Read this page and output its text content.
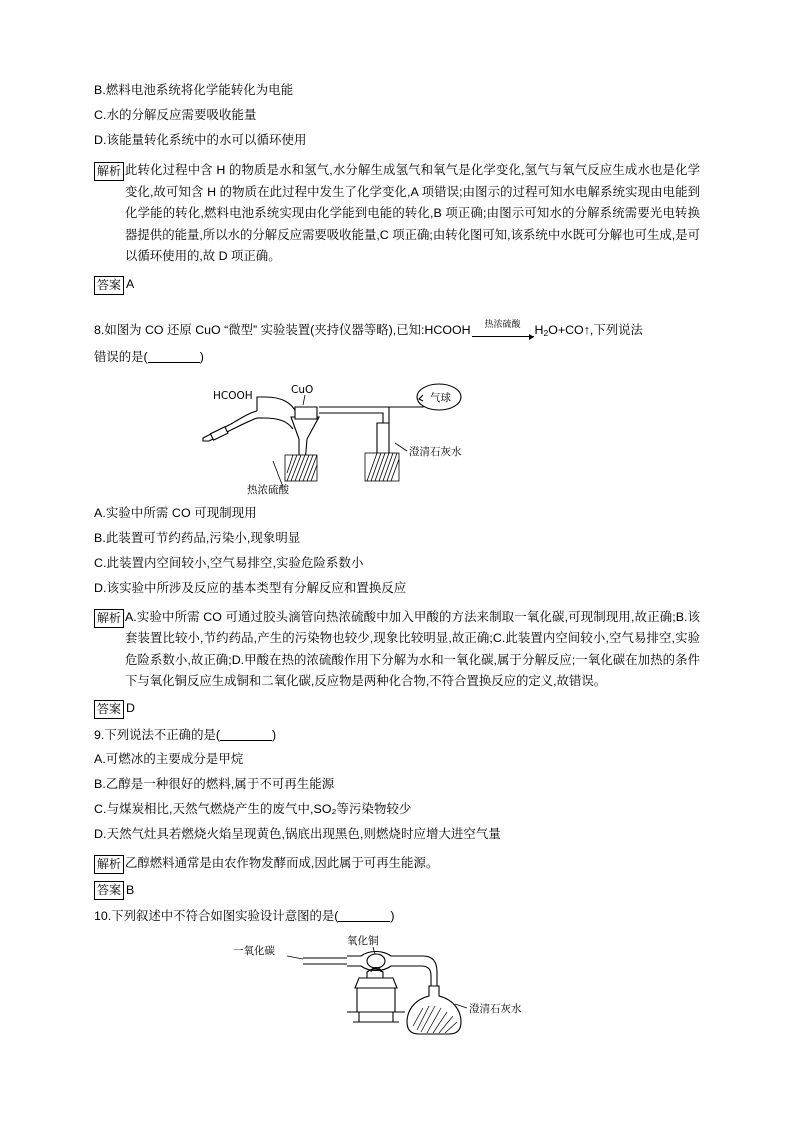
B.燃料电池系统将化学能转化为电能
C.水的分解反应需要吸收能量
D.该能量转化系统中的水可以循环使用
解析 此转化过程中含 H 的物质是水和氢气,水分解生成氢气和氧气是化学变化,氢气与氧气反应生成水也是化学变化,故可知含 H 的物质在此过程中发生了化学变化,A 项错误;由图示的过程可知水电解系统实现由电能到化学能的转化,燃料电池系统实现由化学能到电能的转化,B 项正确;由图示可知水的分解系统需要光电转换器提供的能量,所以水的分解反应需要吸收能量,C 项正确;由转化图可知,该系统中水既可分解也可生成,是可以循环使用的,故 D 项正确。
答案 A
8.如图为 CO 还原 CuO “微型” 实验装置(夹持仪器等略),已知:HCOOH 热浓硫酸 $H_2O+CO↑$,下列说法
错误的是(	)
HCOOH	CuO
气球
热浓硫酸
澄清石灰水
A.实验中所需 CO 可现制现用
B.此装置可节约药品,污染小,现象明显
C.此装置内空间较小,空气易排空,实验危险系数小
D.该实验中所涉及反应的基本类型有分解反应和置换反应
解析 A.实验中所需 CO 可通过胶头滴管向热浓硫酸中加入甲酸的方法来制取一氧化碳,可现制现用,故正确;B.该套装置比较小,节约药品,产生的污染物也较少,现象比较明显,故正确;C.此装置内空间较小,空气易排空,实验危险系数小,故正确;D.甲酸在热的浓硫酸作用下分解为水和一氧化碳,属于分解反应;一氧化碳在加热的条件下与氧化铜反应生成铜和二氧化碳,反应物是两种化合物,不符合置换反应的定义,故错误。
答案 D
9.下列说法不正确的是(	)
A.可燃冰的主要成分是甲烷
B.乙醇是一种很好的燃料,属于不可再生能源
C.与煤炭相比,天然气燃烧产生的废气中,SO₂等污染物较少
D.天然气灶具若燃烧火焰呈现黄色,锅底出现黑色,则燃烧时应增大进空气量
解析 乙醇燃料通常是由农作物发酵而成,因此属于可再生能源。
答案 B
10.下列叙述中不符合如图实验设计意图的是(	)
一氧化碳
氧化铜
澄清石灰水
